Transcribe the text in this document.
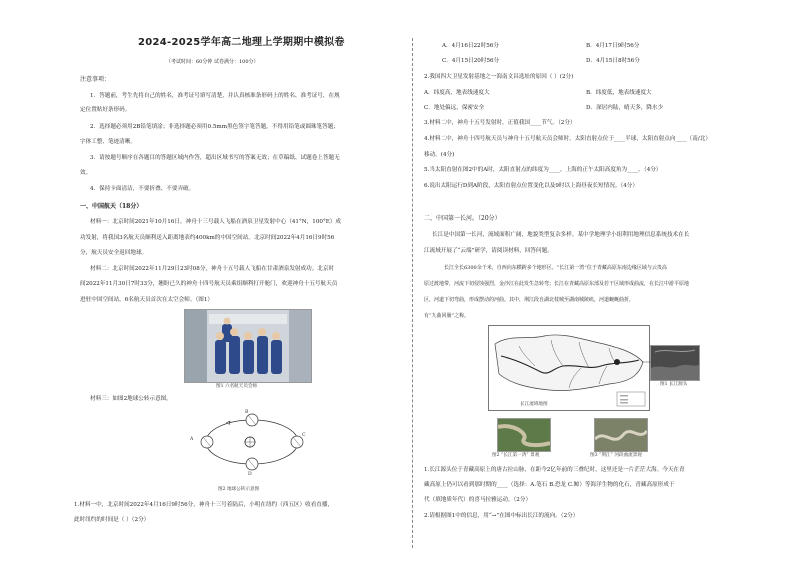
2024-2025学年高二地理上学期期中模拟卷
（考试时间：60分钟 试卷满分：100分）
注意事项：
1．答题前，考生先将自己的姓名，准考证号填写清楚，并认真核准条形码上的姓名、准考证号，在规
定位置贴好条形码。
2．选择题必须用2B铅笔填涂；非选择题必须用0.5mm黑色签字笔答题，不得用铅笔或圆珠笔答题；
字体工整、笔迹清晰。
3．请按题号顺序在各题目的答题区域内作答，超出区域书写的答案无效；在草稿纸、试题卷上答题无
效。
4．保持卡面清洁，不要折叠、不要弄破。
一、中国航天（18分）
材料一：北京时间2021年10月16日，神舟十三号载人飞船在酒泉卫星发射中心（41°N，100°E）成
功发射，将我国3名航天员顺利送入距离地表约400km的中国空间站。北京时间2022年4月16日9时56
分，航天员安全返回地球。
材料二：北京时间2022年11月29日23时08分，神舟十五号载人飞船在甘肃酒泉发射成功。北京时
间2022年11月30日7时33分，翘盼已久的神舟十四号航天员乘组顺利打开舱门，欢迎神舟十五号航天员
进驻中国空间站，6名航天员首次在太空会师。（图1）
图1 六名航天员会师
材料三：如图2地球公转示意图。
A
B
C
D
图2 地球公转示意图
1.材料一中，北京时间2022年4月16日9时56分，神舟十三号着陆后，小明在纽约（西五区）收看直播，
此时纽约的时间是（ ）（2分）
A．4月16日22时56分	B．4月17日9时56分
C．4月15日20时56分	D．4月15日8时56分
2.我国四大卫星发射基地之一海南文昌选址的原因（ ）(2分)
A．纬度高，地表线速度大	B．纬度低，地表线速度大
C．地处偏远，保密安全	D．深居内陆，晴天多，降水少
3.材料二中，神舟十五号发射时，正值我国____节气。（2分）
4.材料二中，神舟十四号航天员与神舟十五号航天员会师时，太阳直射点位于____半球，太阳直射点向____（南/北）
移动。(4分)
5.当太阳直射在图2中的A时，太阳直射点的纬度为____，上海的正午太阳高度角为____。（4分）
6.说出太阳运行D到A阶段，太阳直射点位置变化以及9时以上海昼夜长短情况。（4分）
二、中国第一长河。（20分）
长江是中国第一长河，流域面积广阔，地貌类型复杂多样。某中学地理学小组利用地理信息系统技术在长
江流域开展了“云端”研学，请阅读材料，回答问题。
长江全长6300余千米，自西向东横跨多个地形区。“长江第一湾”位于青藏高原东南边缘区域与云贵高
原过渡地带，河流下切侵蚀强烈，金沙江在此发生急转弯；长江在青藏高原东部及若干区域形成曲流，在长江中游平原地
区，河道下切弯曲，形成摆动的河曲。其中，荆江段自湖北枝城至湖南城陵矶，河道蜿蜒曲折，
有“九曲回肠”之称。
长江流域地图
图1 长江源头
图2 “长江第一湾” 景观	图3 “荆江” 河段曲流景观
1.长江源头位于青藏高原上的唐古拉山脉，在距今2亿年前的三叠纪时，这里还是一片茫茫大海。今天在青
藏高原上仍可以看到那时期的____（选择：A.笔石 B.恐龙 C.鲸）等海洋生物的化石，青藏高原形成于
代（填地质年代）的喜马拉雅运动。（2分）
2.请根据图1中的信息，用“→”在图中标出长江的流向。（2分）
